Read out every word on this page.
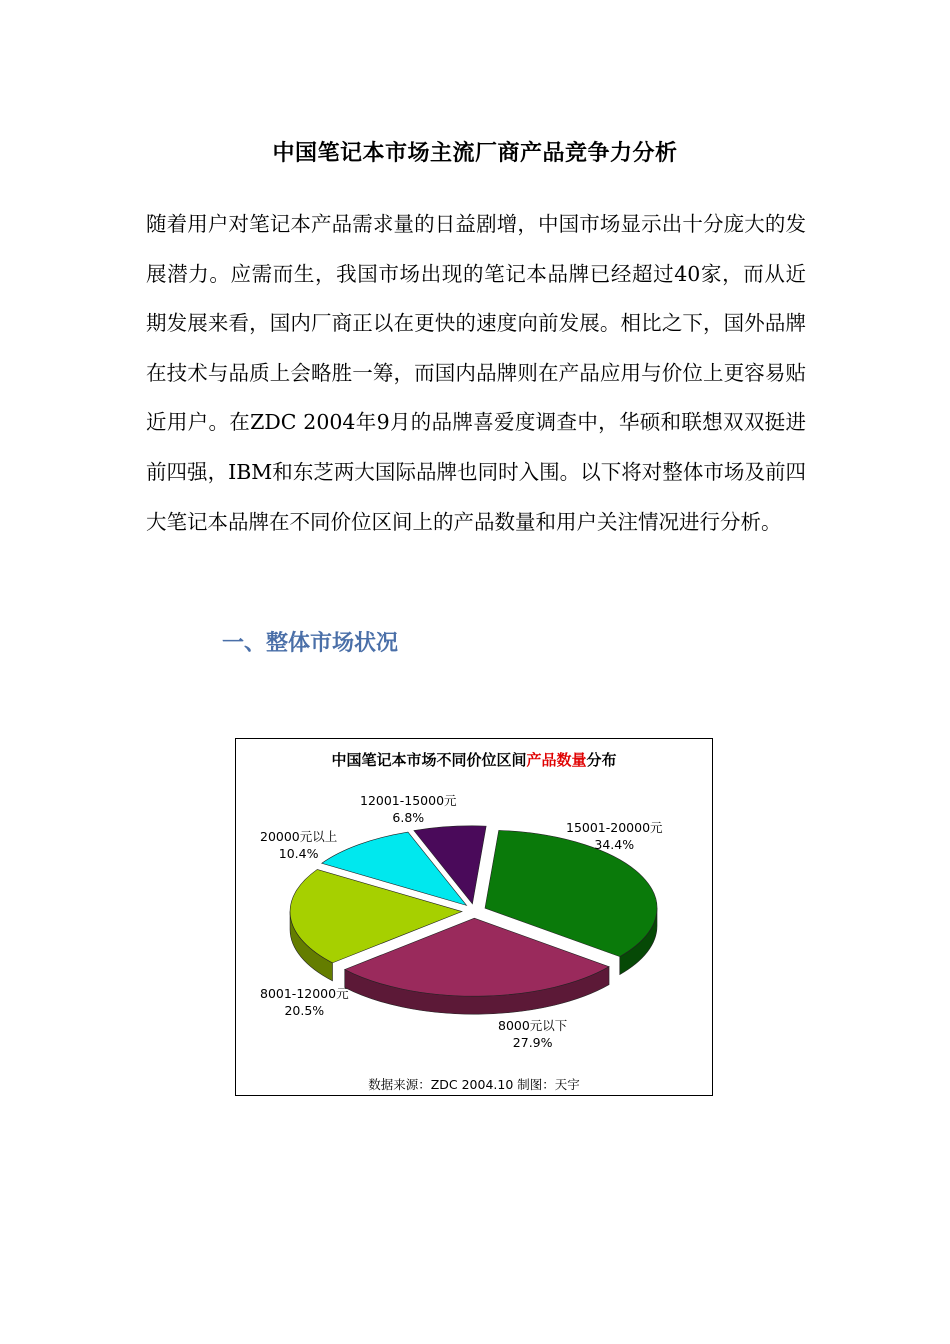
中国笔记本市场主流厂商产品竞争力分析

随着用户对笔记本产品需求量的日益剧增，中国市场显示出十分庞大的发展潜力。应需而生，我国市场出现的笔记本品牌已经超过40家，而从近期发展来看，国内厂商正以在更快的速度向前发展。相比之下，国外品牌在技术与品质上会略胜一筹，而国内品牌则在产品应用与价位上更容易贴近用户。在ZDC 2004年9月的品牌喜爱度调查中，华硕和联想双双挺进前四强，IBM和东芝两大国际品牌也同时入围。以下将对整体市场及前四大笔记本品牌在不同价位区间上的产品数量和用户关注情况进行分析。

一、整体市场状况
中国笔记本市场不同价位区间产品数量分布
15001-20000元
34.4%
8000元以下
27.9%
8001-12000元
20.5%
20000元以上
10.4%
12001-15000元
6.8%
数据来源：ZDC 2004.10 制图：天宇
